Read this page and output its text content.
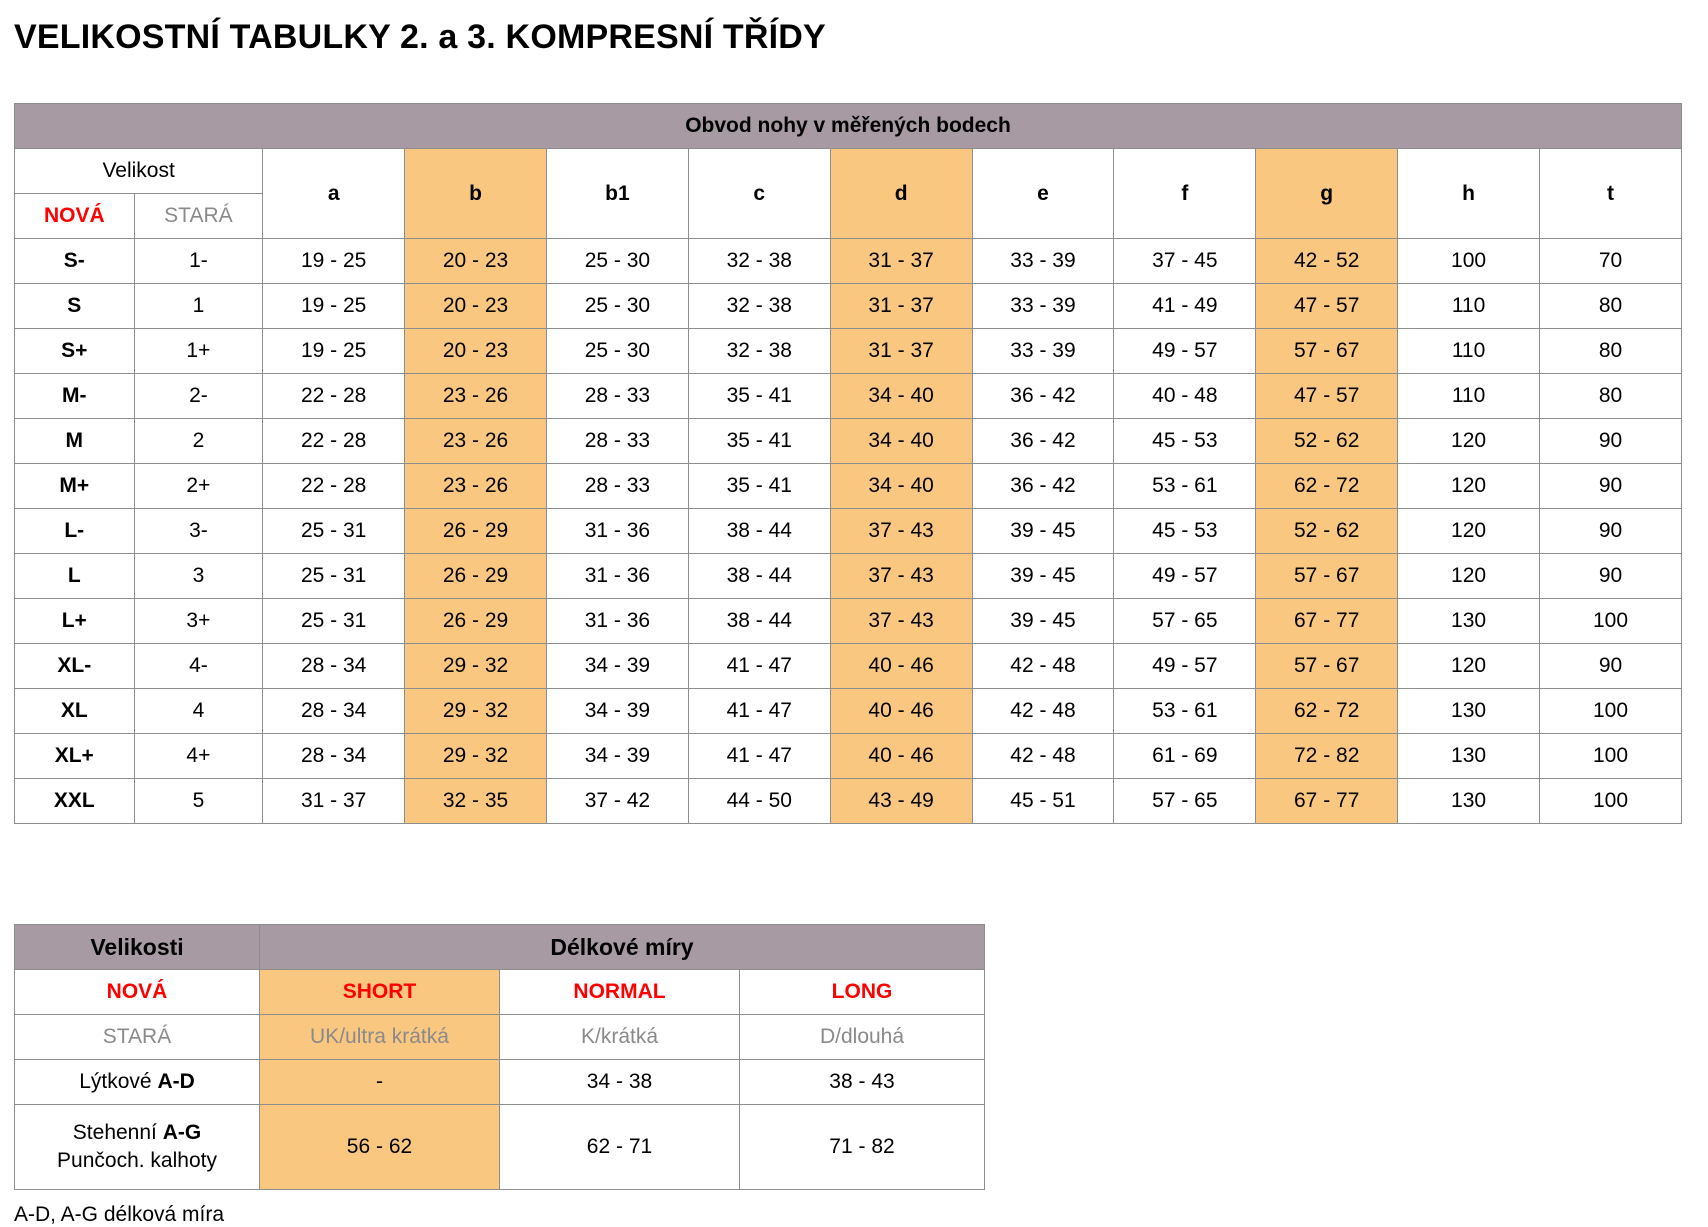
VELIKOSTNÍ TABULKY 2. a 3. KOMPRESNÍ TŘÍDY
Obvod nohy v měřených bodech											
Velikost		a	b	b1	c	d	e	f	g	h	t
NOVÁ	STARÁ										
S-	1-	19 - 25	20 - 23	25 - 30	32 - 38	31 - 37	33 - 39	37 - 45	42 - 52	100	70
S	1	19 - 25	20 - 23	25 - 30	32 - 38	31 - 37	33 - 39	41 - 49	47 - 57	110	80
S+	1+	19 - 25	20 - 23	25 - 30	32 - 38	31 - 37	33 - 39	49 - 57	57 - 67	110	80
M-	2-	22 - 28	23 - 26	28 - 33	35 - 41	34 - 40	36 - 42	40 - 48	47 - 57	110	80
M	2	22 - 28	23 - 26	28 - 33	35 - 41	34 - 40	36 - 42	45 - 53	52 - 62	120	90
M+	2+	22 - 28	23 - 26	28 - 33	35 - 41	34 - 40	36 - 42	53 - 61	62 - 72	120	90
L-	3-	25 - 31	26 - 29	31 - 36	38 - 44	37 - 43	39 - 45	45 - 53	52 - 62	120	90
L	3	25 - 31	26 - 29	31 - 36	38 - 44	37 - 43	39 - 45	49 - 57	57 - 67	120	90
L+	3+	25 - 31	26 - 29	31 - 36	38 - 44	37 - 43	39 - 45	57 - 65	67 - 77	130	100
XL-	4-	28 - 34	29 - 32	34 - 39	41 - 47	40 - 46	42 - 48	49 - 57	57 - 67	120	90
XL	4	28 - 34	29 - 32	34 - 39	41 - 47	40 - 46	42 - 48	53 - 61	62 - 72	130	100
XL+	4+	28 - 34	29 - 32	34 - 39	41 - 47	40 - 46	42 - 48	61 - 69	72 - 82	130	100
XXL	5	31 - 37	32 - 35	37 - 42	44 - 50	43 - 49	45 - 51	57 - 65	67 - 77	130	100
Velikosti	Délkové míry		
NOVÁ	SHORT	NORMAL	LONG
STARÁ	UK/ultra krátká	K/krátká	D/dlouhá
Lýtkové A-D	-	34 - 38	38 - 43

Stehenní A-G
Punčoch. kalhoty	56 - 62	62 - 71	71 - 82
A-D, A-G délková míra
